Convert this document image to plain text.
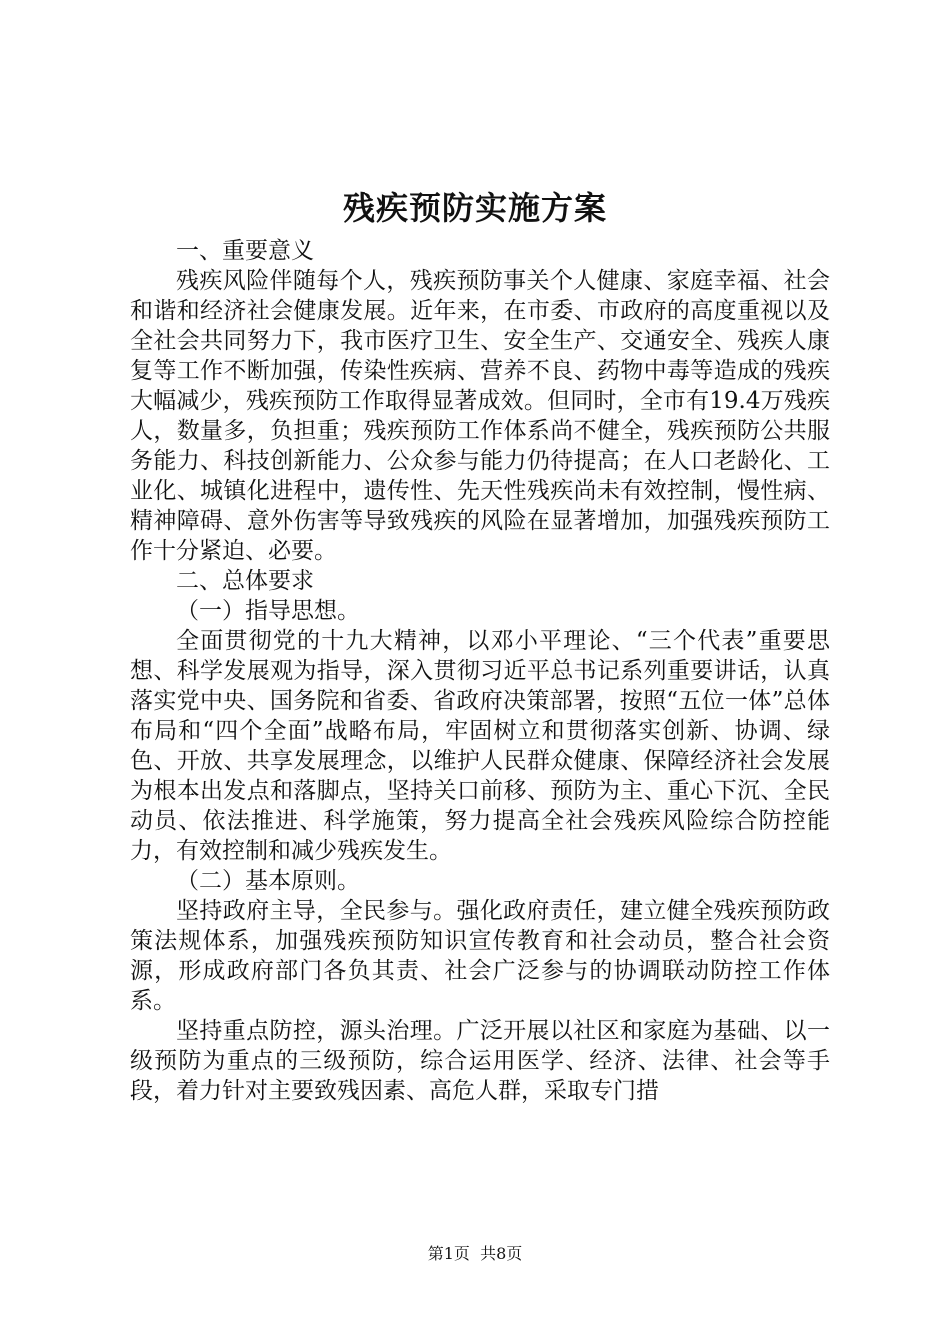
残疾预防实施方案

一、重要意义

残疾风险伴随每个人，残疾预防事关个人健康、家庭幸福、社会和谐和经济社会健康发展。近年来，在市委、市政府的高度重视以及全社会共同努力下，我市医疗卫生、安全生产、交通安全、残疾人康复等工作不断加强，传染性疾病、营养不良、药物中毒等造成的残疾大幅减少，残疾预防工作取得显著成效。但同时，全市有19.4万残疾人，数量多，负担重；残疾预防工作体系尚不健全，残疾预防公共服务能力、科技创新能力、公众参与能力仍待提高；在人口老龄化、工业化、城镇化进程中，遗传性、先天性残疾尚未有效控制，慢性病、精神障碍、意外伤害等导致残疾的风险在显著增加，加强残疾预防工作十分紧迫、必要。

二、总体要求

（一）指导思想。

全面贯彻党的十九大精神，以邓小平理论、“三个代表”重要思想、科学发展观为指导，深入贯彻习近平总书记系列重要讲话，认真落实党中央、国务院和省委、省政府决策部署，按照“五位一体”总体布局和“四个全面”战略布局，牢固树立和贯彻落实创新、协调、绿色、开放、共享发展理念，以维护人民群众健康、保障经济社会发展为根本出发点和落脚点，坚持关口前移、预防为主、重心下沉、全民动员、依法推进、科学施策，努力提高全社会残疾风险综合防控能力，有效控制和减少残疾发生。

（二）基本原则。

坚持政府主导，全民参与。强化政府责任，建立健全残疾预防政策法规体系，加强残疾预防知识宣传教育和社会动员，整合社会资源，形成政府部门各负其责、社会广泛参与的协调联动防控工作体系。

坚持重点防控，源头治理。广泛开展以社区和家庭为基础、以一级预防为重点的三级预防，综合运用医学、经济、法律、社会等手段，着力针对主要致残因素、高危人群，采取专门措

第1页 共8页
